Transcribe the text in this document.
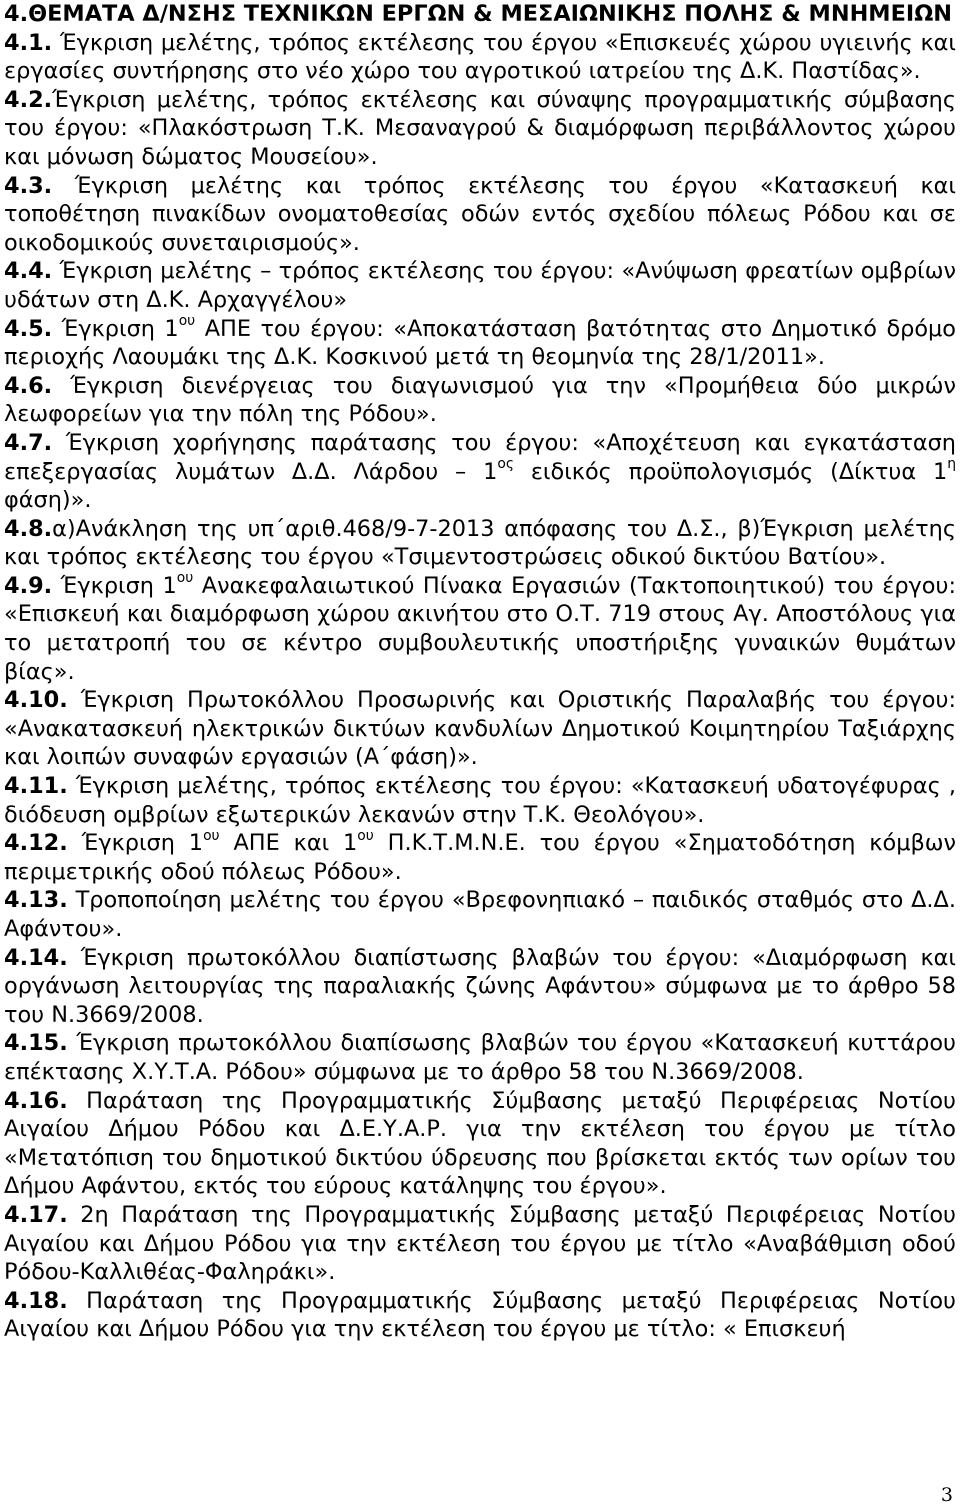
4.ΘΕΜΑΤΑ Δ/ΝΣΗΣ ΤΕΧΝΙΚΩΝ ΕΡΓΩΝ & ΜΕΣΑΙΩΝΙΚΗΣ ΠΟΛΗΣ & ΜΝΗΜΕΙΩΝ

4.1. Έγκριση μελέτης, τρόπος εκτέλεσης του έργου «Επισκευές χώρου υγιεινής και εργασίες συντήρησης στο νέο χώρο του αγροτικού ιατρείου της Δ.Κ. Παστίδας».

4.2.Έγκριση μελέτης, τρόπος εκτέλεσης και σύναψης προγραμματικής σύμβασης του έργου: «Πλακόστρωση Τ.Κ. Μεσαναγρού & διαμόρφωση περιβάλλοντος χώρου και μόνωση δώματος Μουσείου».

4.3. Έγκριση μελέτης και τρόπος εκτέλεσης του έργου «Κατασκευή και τοποθέτηση πινακίδων ονοματοθεσίας οδών εντός σχεδίου πόλεως Ρόδου και σε οικοδομικούς συνεταιρισμούς».

4.4. Έγκριση μελέτης – τρόπος εκτέλεσης του έργου: «Ανύψωση φρεατίων ομβρίων υδάτων στη Δ.Κ. Αρχαγγέλου»

4.5. Έγκριση $1^{o\upsilon}$ ΑΠΕ του έργου: «Αποκατάσταση βατότητας στο Δημοτικό δρόμο περιοχής Λαουμάκι της Δ.Κ. Κοσκινού μετά τη θεομηνία της 28/1/2011».

4.6. Έγκριση διενέργειας του διαγωνισμού για την «Προμήθεια δύο μικρών λεωφορείων για την πόλη της Ρόδου».

4.7. Έγκριση χορήγησης παράτασης του έργου: «Αποχέτευση και εγκατάσταση επεξεργασίας λυμάτων Δ.Δ. Λάρδου – $1^{o\varsigma}$ ειδικός προϋπολογισμός (Δίκτυα $1^\eta$ φάση)».

4.8.α)Ανάκληση της υπ΄αριθ.468/9-7-2013 απόφασης του Δ.Σ., β)Έγκριση μελέτης και τρόπος εκτέλεσης του έργου «Τσιμεντοστρώσεις οδικού δικτύου Βατίου».

4.9. Έγκριση $1^{o\upsilon}$ Ανακεφαλαιωτικού Πίνακα Εργασιών (Τακτοποιητικού) του έργου: «Επισκευή και διαμόρφωση χώρου ακινήτου στο Ο.Τ. 719 στους Αγ. Αποστόλους για το μετατροπή του σε κέντρο συμβουλευτικής υποστήριξης γυναικών θυμάτων βίας».

4.10. Έγκριση Πρωτοκόλλου Προσωρινής και Οριστικής Παραλαβής του έργου: «Ανακατασκευή ηλεκτρικών δικτύων κανδυλίων Δημοτικού Κοιμητηρίου Ταξιάρχης και λοιπών συναφών εργασιών (Α΄φάση)».

4.11. Έγκριση μελέτης, τρόπος εκτέλεσης του έργου: «Κατασκευή υδατογέφυρας , διόδευση ομβρίων εξωτερικών λεκανών στην Τ.Κ. Θεολόγου».

4.12. Έγκριση $1^{o\upsilon}$ ΑΠΕ και $1^{o\upsilon}$ Π.Κ.Τ.Μ.Ν.Ε. του έργου «Σηματοδότηση κόμβων περιμετρικής οδού πόλεως Ρόδου».

4.13. Τροποποίηση μελέτης του έργου «Βρεφονηπιακό – παιδικός σταθμός στο Δ.Δ. Αφάντου».

4.14. Έγκριση πρωτοκόλλου διαπίστωσης βλαβών του έργου: «Διαμόρφωση και οργάνωση λειτουργίας της παραλιακής ζώνης Αφάντου» σύμφωνα με το άρθρο 58 του Ν.3669/2008.

4.15. Έγκριση πρωτοκόλλου διαπίσωσης βλαβών του έργου «Κατασκευή κυττάρου επέκτασης Χ.Υ.Τ.Α. Ρόδου» σύμφωνα με το άρθρο 58 του Ν.3669/2008.

4.16. Παράταση της Προγραμματικής Σύμβασης μεταξύ Περιφέρειας Νοτίου Αιγαίου Δήμου Ρόδου και Δ.Ε.Υ.Α.Ρ. για την εκτέλεση του έργου με τίτλο «Μετατόπιση του δημοτικού δικτύου ύδρευσης που βρίσκεται εκτός των ορίων του Δήμου Αφάντου, εκτός του εύρους κατάληψης του έργου».

4.17. 2η Παράταση της Προγραμματικής Σύμβασης μεταξύ Περιφέρειας Νοτίου Αιγαίου και Δήμου Ρόδου για την εκτέλεση του έργου με τίτλο «Αναβάθμιση οδού Ρόδου-Καλλιθέας-Φαληράκι».

4.18. Παράταση της Προγραμματικής Σύμβασης μεταξύ Περιφέρειας Νοτίου Αιγαίου και Δήμου Ρόδου για την εκτέλεση του έργου με τίτλο: « Επισκευή

3
